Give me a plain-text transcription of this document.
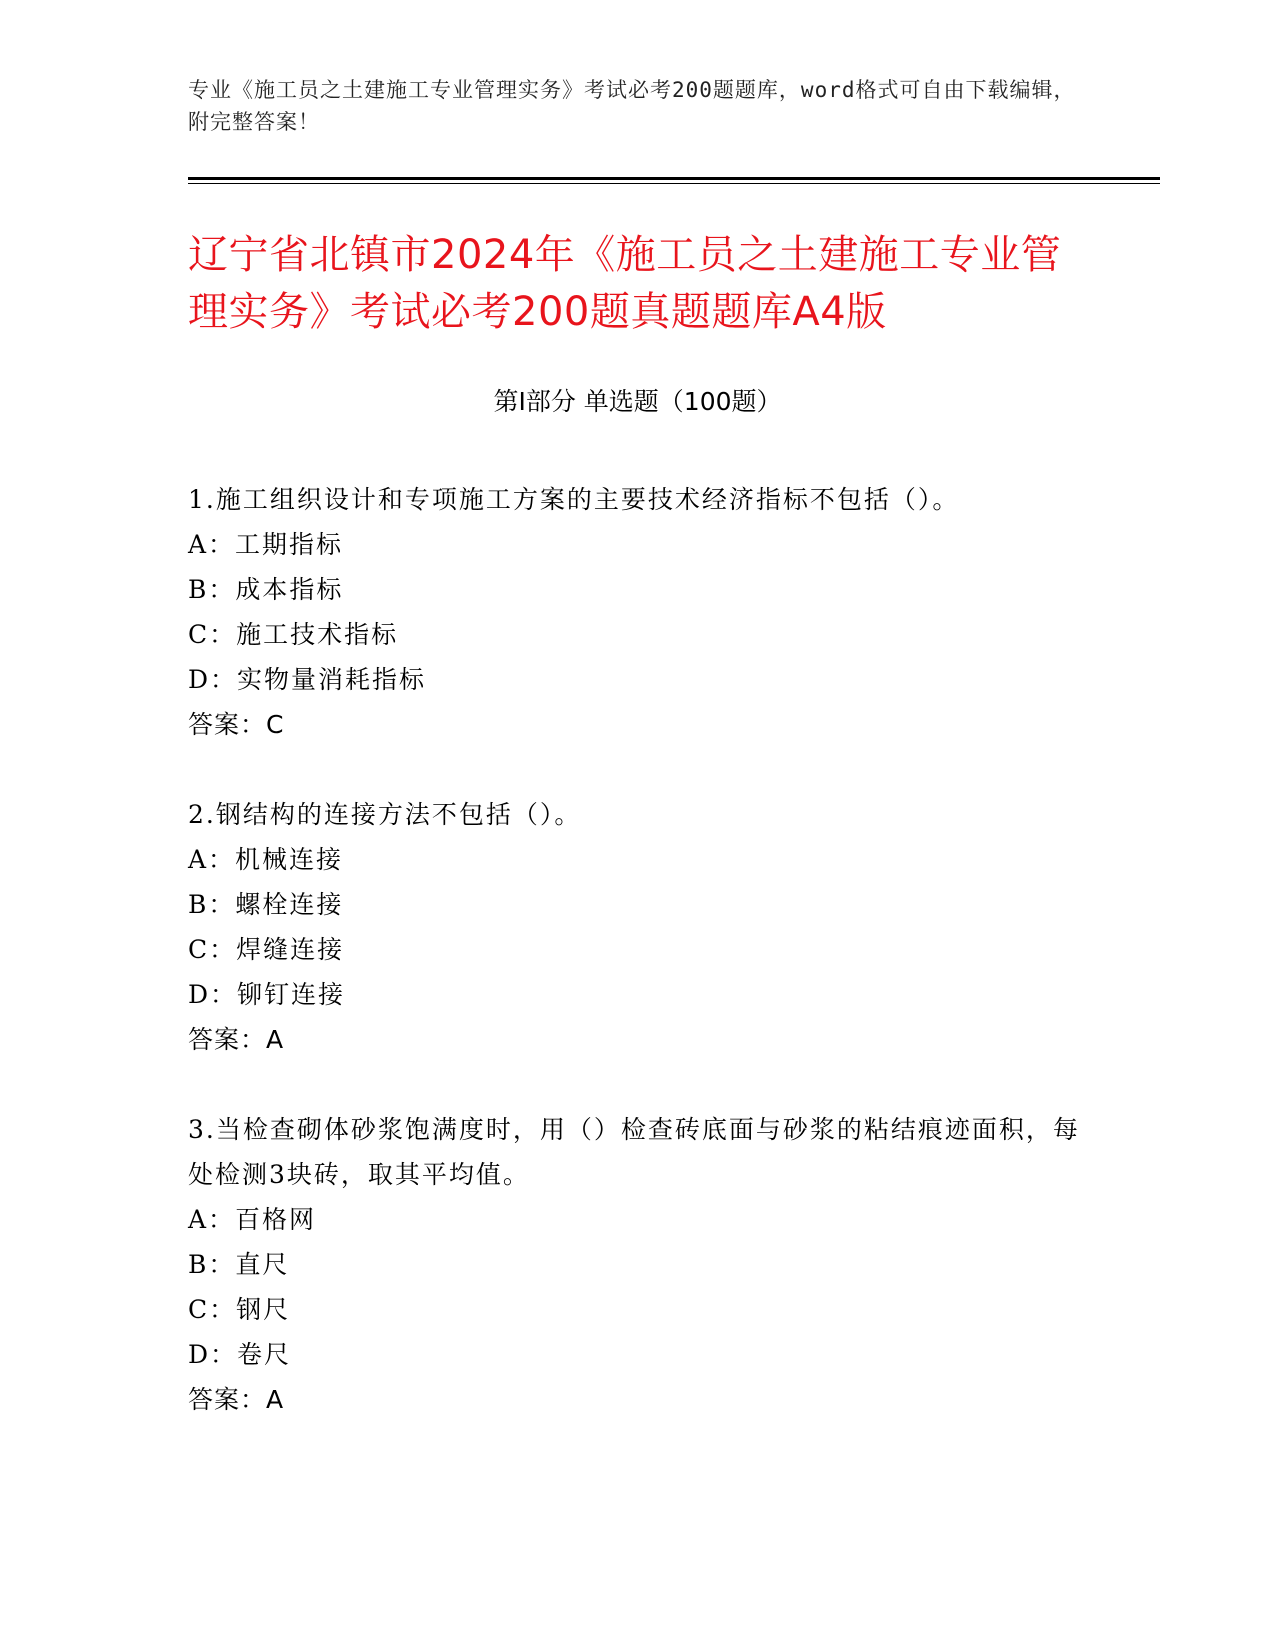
专业《施工员之土建施工专业管理实务》考试必考200题题库，word格式可自由下载编辑，附完整答案！
辽宁省北镇市2024年《施工员之土建施工专业管理实务》考试必考200题真题题库A4版
第Ⅰ部分 单选题（100题）
1.施工组织设计和专项施工方案的主要技术经济指标不包括（）。
A：工期指标
B：成本指标
C：施工技术指标
D：实物量消耗指标
答案：C
2.钢结构的连接方法不包括（）。
A：机械连接
B：螺栓连接
C：焊缝连接
D：铆钉连接
答案：A
3.当检查砌体砂浆饱满度时，用（）检查砖底面与砂浆的粘结痕迹面积，每处检测3块砖，取其平均值。
A：百格网
B：直尺
C：钢尺
D：卷尺
答案：A
